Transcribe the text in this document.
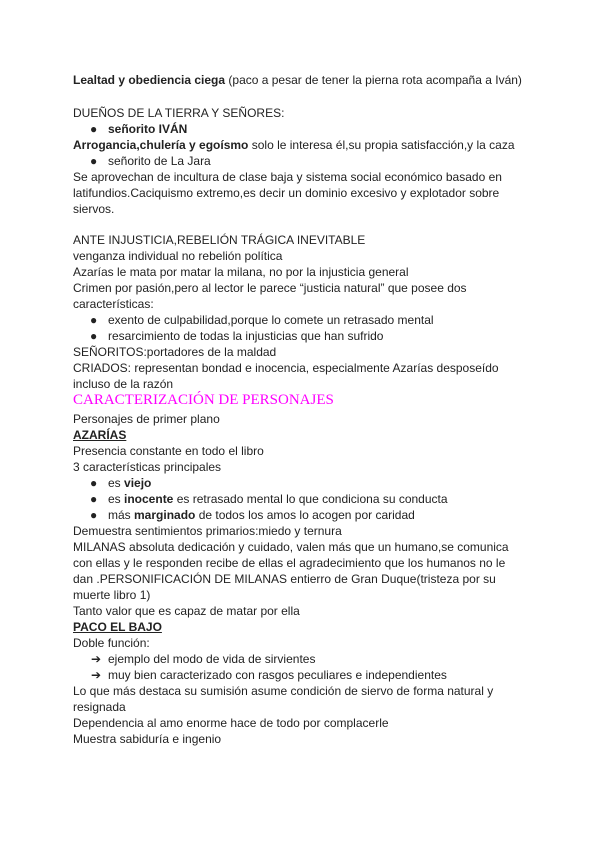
Lealtad y obediencia ciega (paco a pesar de tener la pierna rota acompaña a Iván)
DUEÑOS DE LA TIERRA Y SEÑORES:
● señorito IVÁN
Arrogancia,chulería y egoísmo solo le interesa él,su propia satisfacción,y la caza
● señorito de La Jara
Se aprovechan de incultura de clase baja y sistema social económico basado en
latifundios.Caciquismo extremo,es decir un dominio excesivo y explotador sobre
siervos.
ANTE INJUSTICIA,REBELIÓN TRÁGICA INEVITABLE
venganza individual no rebelión política
Azarías le mata por matar la milana, no por la injusticia general
Crimen por pasión,pero al lector le parece “justicia natural” que posee dos
características:
● exento de culpabilidad,porque lo comete un retrasado mental
● resarcimiento de todas la injusticias que han sufrido
SEÑORITOS:portadores de la maldad
CRIADOS: representan bondad e inocencia, especialmente Azarías desposeído
incluso de la razón
CARACTERIZACIÓN DE PERSONAJES
Personajes de primer plano
AZARÍAS
Presencia constante en todo el libro
3 características principales
● es viejo
● es inocente es retrasado mental lo que condiciona su conducta
● más marginado de todos los amos lo acogen por caridad
Demuestra sentimientos primarios:miedo y ternura
MILANAS absoluta dedicación y cuidado, valen más que un humano,se comunica
con ellas y le responden recibe de ellas el agradecimiento que los humanos no le
dan .PERSONIFICACIÓN DE MILANAS entierro de Gran Duque(tristeza por su
muerte libro 1)
Tanto valor que es capaz de matar por ella
PACO EL BAJO
Doble función:
➔ ejemplo del modo de vida de sirvientes
➔ muy bien caracterizado con rasgos peculiares e independientes
Lo que más destaca su sumisión asume condición de siervo de forma natural y
resignada
Dependencia al amo enorme hace de todo por complacerle
Muestra sabiduría e ingenio
